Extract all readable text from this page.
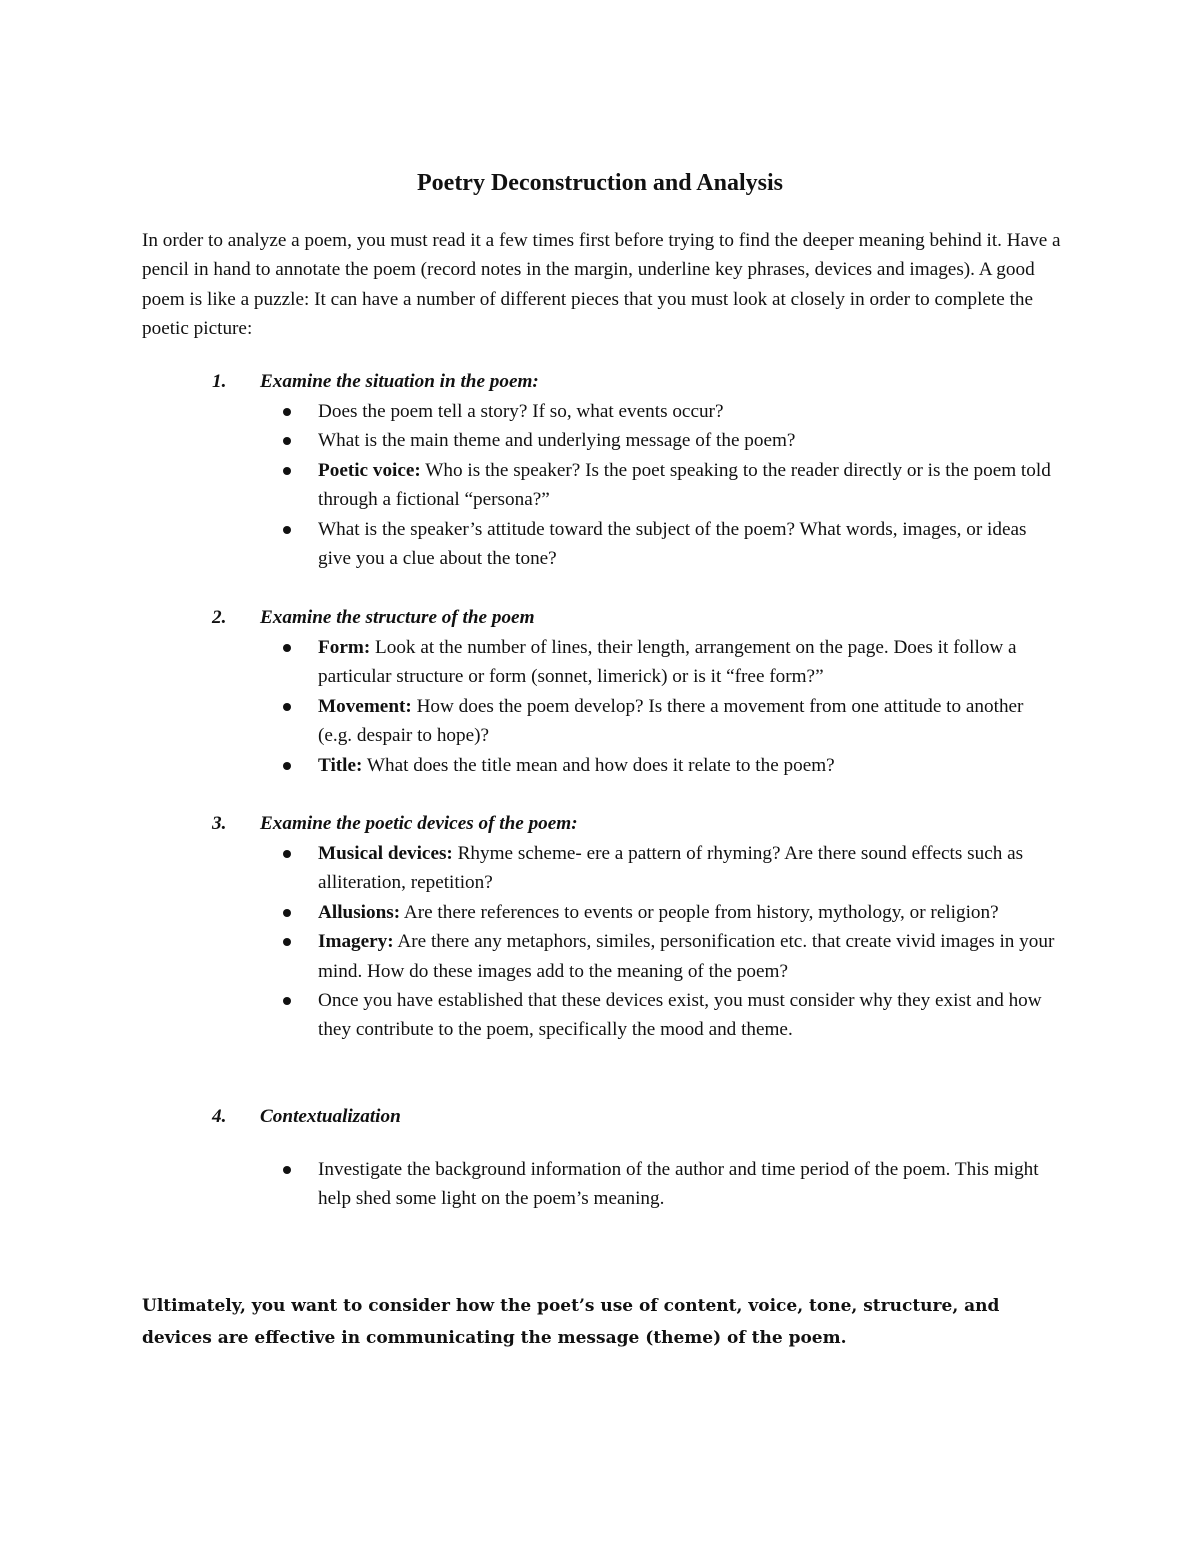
Poetry Deconstruction and Analysis

In order to analyze a poem, you must read it a few times first before trying to find the deeper meaning behind it. Have a pencil in hand to annotate the poem (record notes in the margin, underline key phrases, devices and images). A good poem is like a puzzle: It can have a number of different pieces that you must look at closely in order to complete the poetic picture:

1. Examine the situation in the poem:
Does the poem tell a story? If so, what events occur?
What is the main theme and underlying message of the poem?
Poetic voice: Who is the speaker? Is the poet speaking to the reader directly or is the poem told through a fictional “persona?”
What is the speaker’s attitude toward the subject of the poem? What words, images, or ideas give you a clue about the tone?
2. Examine the structure of the poem
Form: Look at the number of lines, their length, arrangement on the page. Does it follow a particular structure or form (sonnet, limerick) or is it “free form?”
Movement: How does the poem develop? Is there a movement from one attitude to another (e.g. despair to hope)?
Title: What does the title mean and how does it relate to the poem?
3. Examine the poetic devices of the poem:
Musical devices: Rhyme scheme- ere a pattern of rhyming? Are there sound effects such as alliteration, repetition?
Allusions: Are there references to events or people from history, mythology, or religion?
Imagery: Are there any metaphors, similes, personification etc. that create vivid images in your mind. How do these images add to the meaning of the poem?
Once you have established that these devices exist, you must consider why they exist and how they contribute to the poem, specifically the mood and theme.
4. Contextualization
Investigate the background information of the author and time period of the poem. This might help shed some light on the poem’s meaning.

Ultimately, you want to consider how the poet’s use of content, voice, tone, structure, and devices are effective in communicating the message (theme) of the poem.
